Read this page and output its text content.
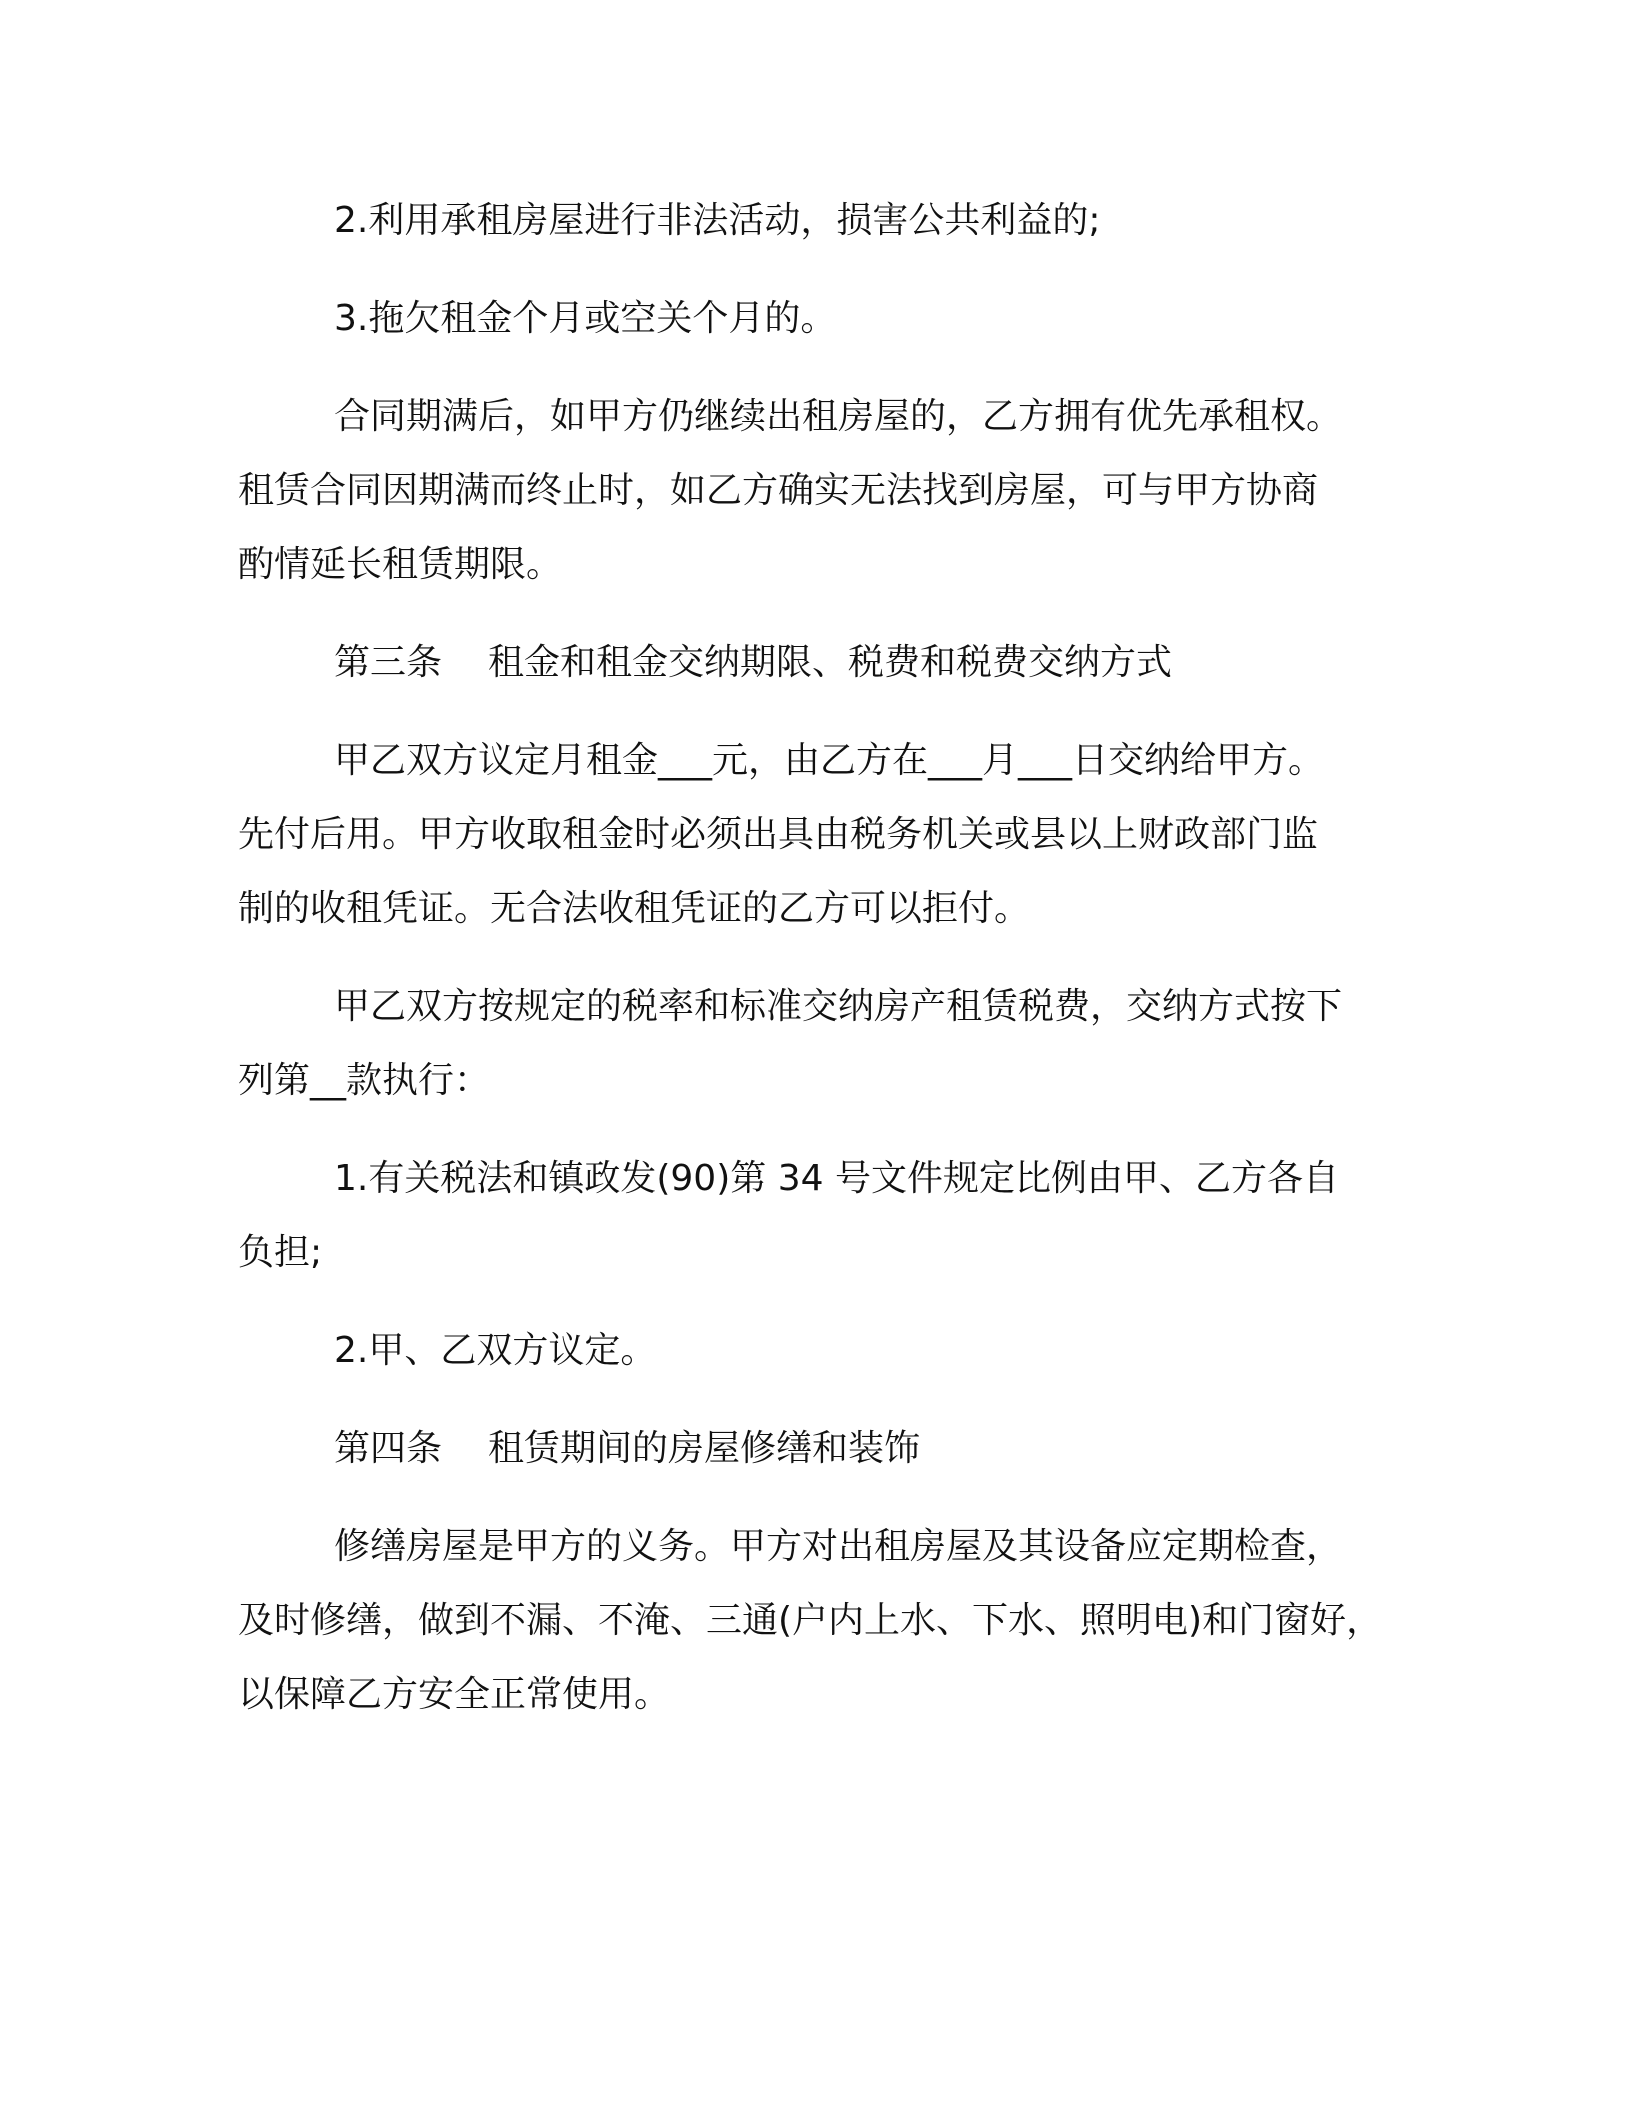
2.利用承租房屋进行非法活动，损害公共利益的;

3.拖欠租金个月或空关个月的。

合同期满后，如甲方仍继续出租房屋的，乙方拥有优先承租权。
租赁合同因期满而终止时，如乙方确实无法找到房屋，可与甲方协商
酌情延长租赁期限。

第三条 租金和租金交纳期限、税费和税费交纳方式

甲乙双方议定月租金___元，由乙方在___月___日交纳给甲方。
先付后用。甲方收取租金时必须出具由税务机关或县以上财政部门监
制的收租凭证。无合法收租凭证的乙方可以拒付。

甲乙双方按规定的税率和标准交纳房产租赁税费，交纳方式按下
列第__款执行：

1.有关税法和镇政发(90)第 34 号文件规定比例由甲、乙方各自
负担;

2.甲、乙双方议定。

第四条 租赁期间的房屋修缮和装饰

修缮房屋是甲方的义务。甲方对出租房屋及其设备应定期检查，
及时修缮，做到不漏、不淹、三通(户内上水、下水、照明电)和门窗好，
以保障乙方安全正常使用。
